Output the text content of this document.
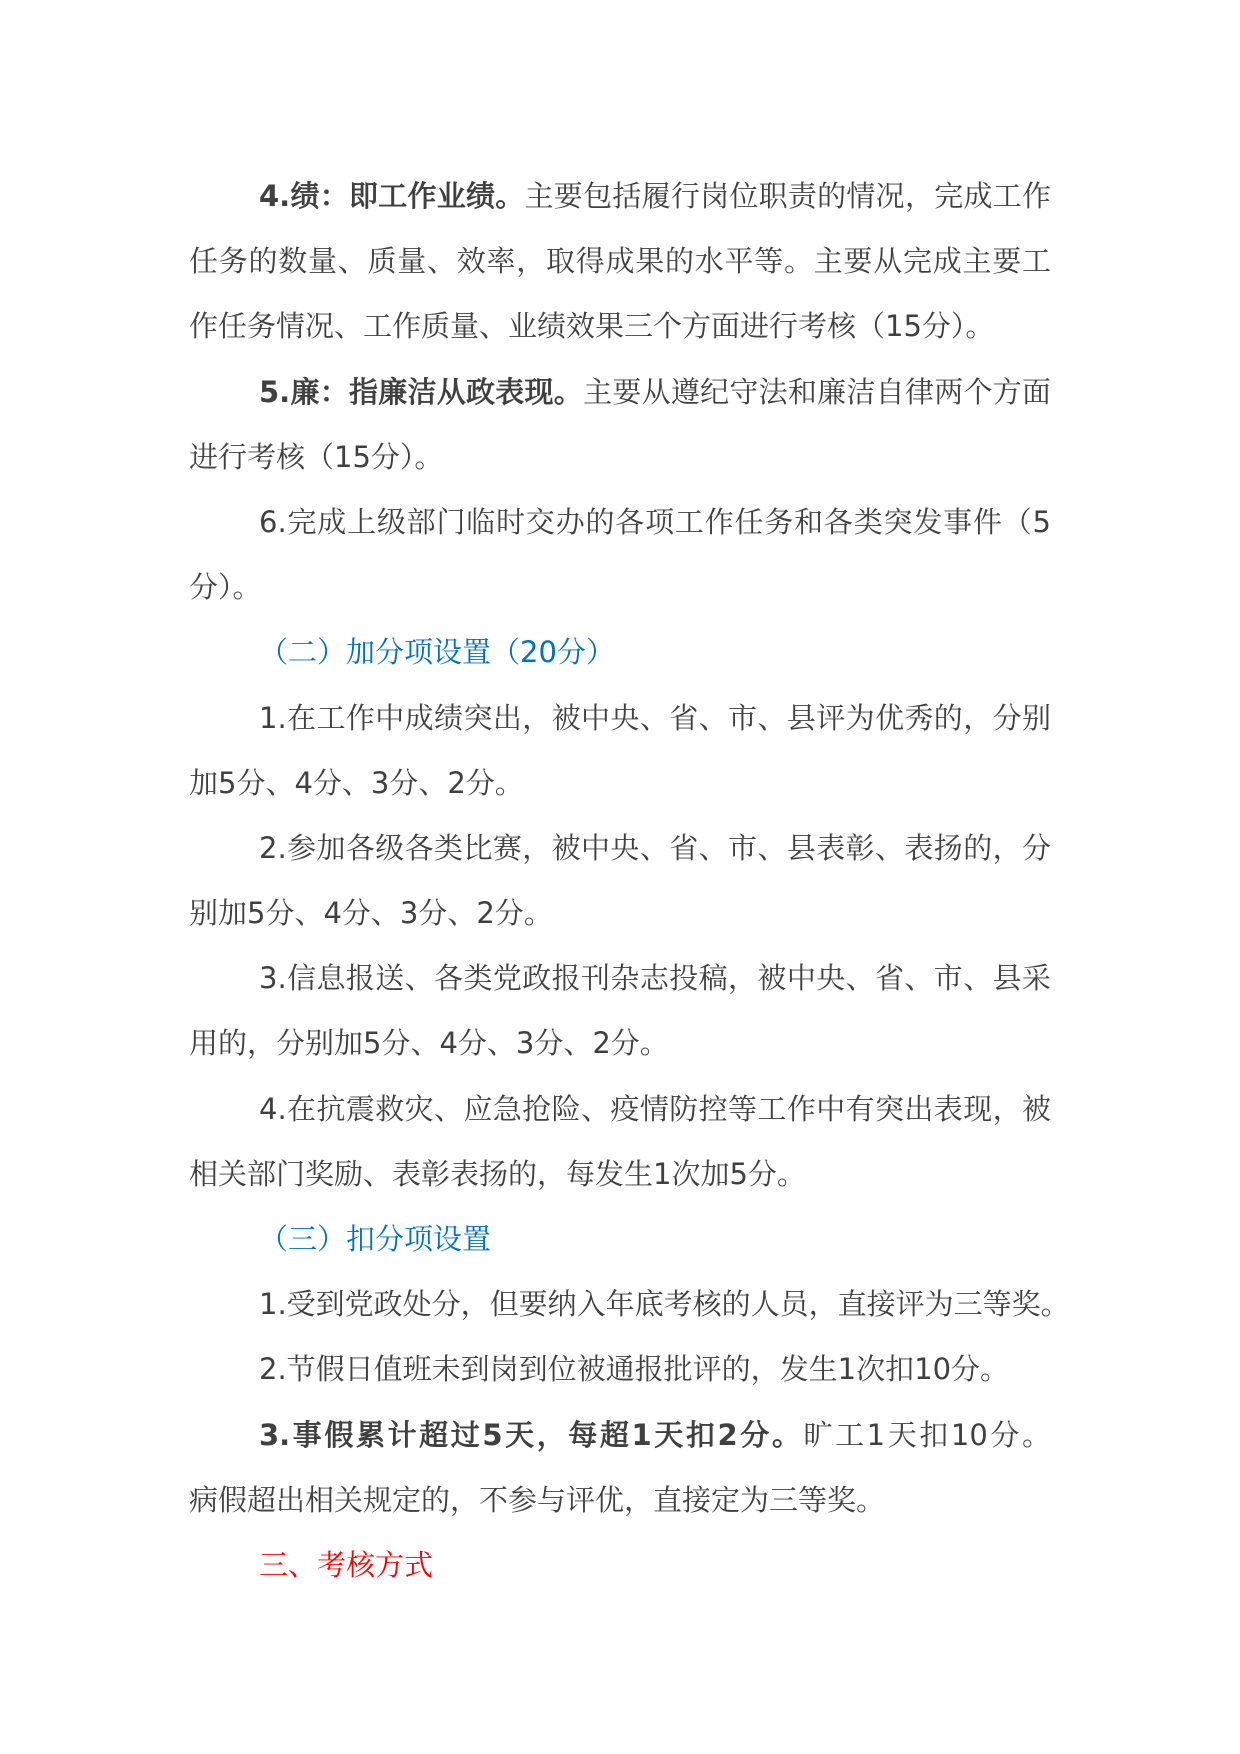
4.绩：即工作业绩。主要包括履行岗位职责的情况，完成工作
任务的数量、质量、效率，取得成果的水平等。主要从完成主要工
作任务情况、工作质量、业绩效果三个方面进行考核（15分）。
5.廉：指廉洁从政表现。主要从遵纪守法和廉洁自律两个方面
进行考核（15分）。
6.完成上级部门临时交办的各项工作任务和各类突发事件（5
分）。
（二）加分项设置（20分）
1.在工作中成绩突出，被中央、省、市、县评为优秀的，分别
加5分、4分、3分、2分。
2.参加各级各类比赛，被中央、省、市、县表彰、表扬的，分
别加5分、4分、3分、2分。
3.信息报送、各类党政报刊杂志投稿，被中央、省、市、县采
用的，分别加5分、4分、3分、2分。
4.在抗震救灾、应急抢险、疫情防控等工作中有突出表现，被
相关部门奖励、表彰表扬的，每发生1次加5分。
（三）扣分项设置
1.受到党政处分，但要纳入年底考核的人员，直接评为三等奖。
2.节假日值班未到岗到位被通报批评的，发生1次扣10分。
3.事假累计超过5天，每超1天扣2分。旷工1天扣10分。
病假超出相关规定的，不参与评优，直接定为三等奖。
三、考核方式
